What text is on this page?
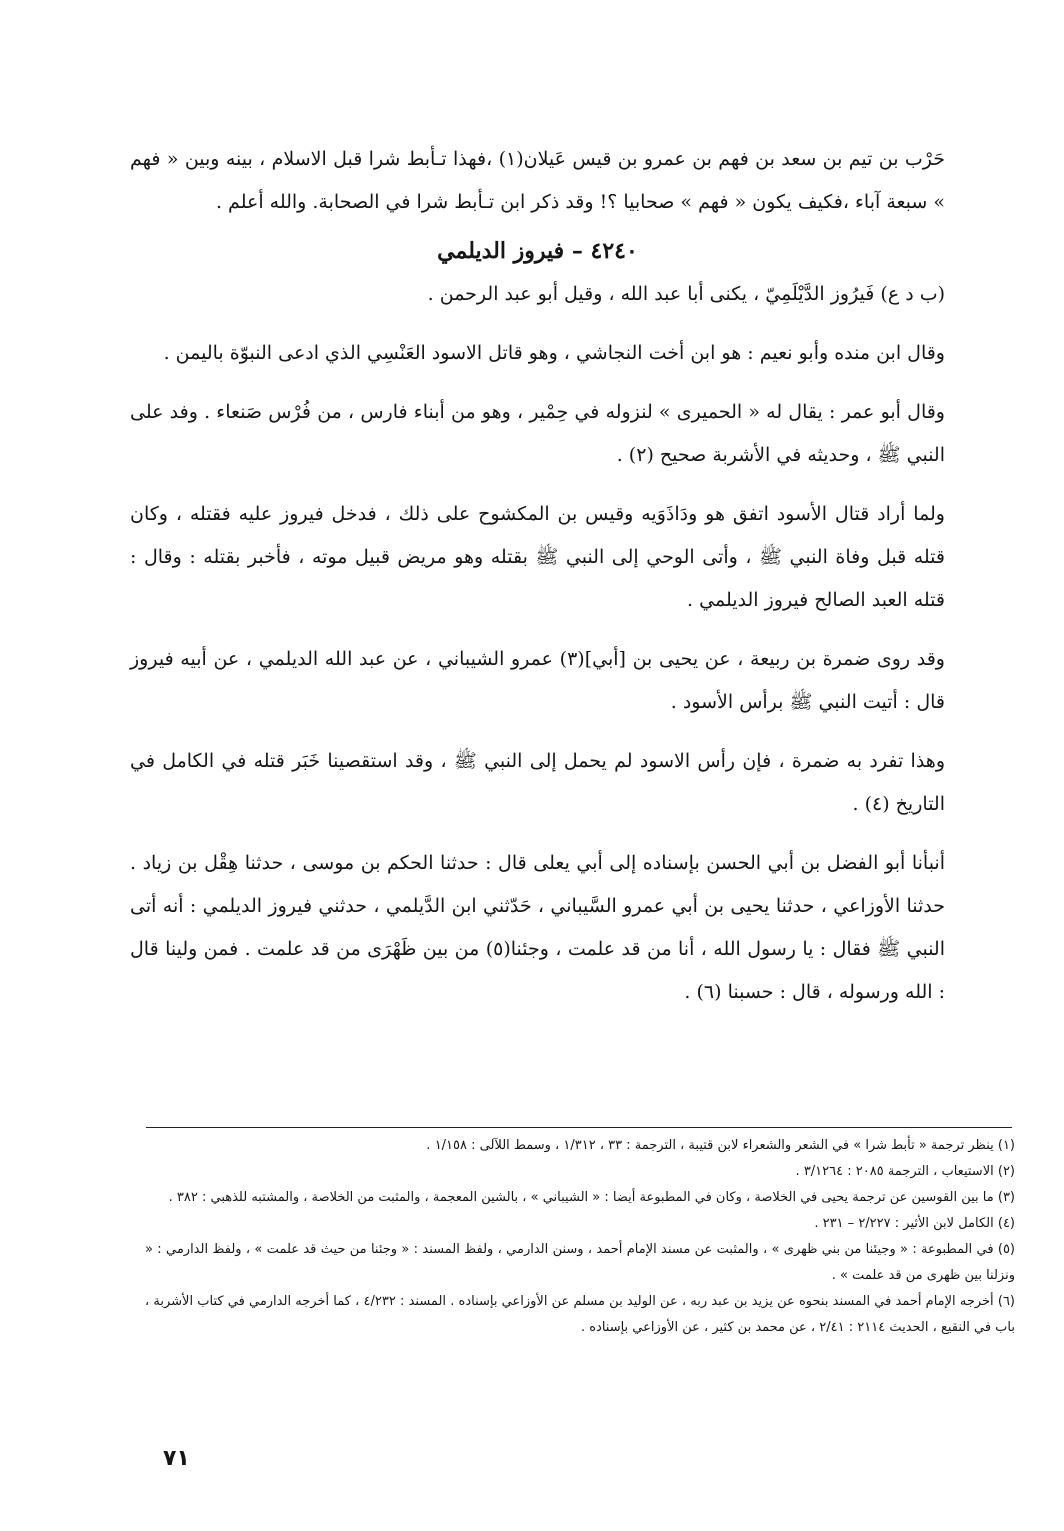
حَرْب بن تيم بن سعد بن فهم بن عمرو بن قيس عَيلان(١) ،فهذا تـأبط شرا قبل الاسلام ، بينه وبين « فهم » سبعة آباء ،فكيف يكون « فهم » صحابيا ؟! وقد ذكر ابن تـأبط شرا في الصحابة. والله أعلم .

٤٢٤٠ – فيروز الديلمي

(ب د ع) فَيرُوز الدَّيْلَمِيّ ، يكنى أبا عبد الله ، وقيل أبو عبد الرحمن .

وقال ابن منده وأبو نعيم : هو ابن أخت النجاشي ، وهو قاتل الاسود العَنْسِي الذي ادعى النبوّة باليمن .

وقال أبو عمر : يقال له « الحميرى » لنزوله في حِمْير ، وهو من أبناء فارس ، من فُرْس صَنعاء . وفد على النبي ﷺ ، وحديثه في الأشربة صحيح (٢) .

ولما أراد قتال الأسود اتفق هو ودَاذَوَيه وقيس بن المكشوح على ذلك ، فدخل فيروز عليه فقتله ، وكان قتله قبل وفاة النبي ﷺ ، وأتى الوحي إلى النبي ﷺ بقتله وهو مريض قبيل موته ، فأخبر بقتله : وقال : قتله العبد الصالح فيروز الديلمي .

وقد روى ضمرة بن ربيعة ، عن يحيى بن [أبي](٣) عمرو الشيباني ، عن عبد الله الديلمي ، عن أبيه فيروز قال : أتيت النبي ﷺ برأس الأسود .

وهذا تفرد به ضمرة ، فإن رأس الاسود لم يحمل إلى النبي ﷺ ، وقد استقصينا خَبَر قتله في الكامل في التاريخ (٤) .

أنبأنا أبو الفضل بن أبي الحسن بإسناده إلى أبي يعلى قال : حدثنا الحكم بن موسى ، حدثنا هِقْل بن زياد . حدثنا الأوزاعي ، حدثنا يحيى بن أبي عمرو السَّيباني ، حَدّثني ابن الدَّيلمي ، حدثني فيروز الديلمي : أنه أتى النبي ﷺ فقال : يا رسول الله ، أنا من قد علمت ، وجئنا(٥) من بين ظَهْرَى من قد علمت . فمن ولينا قال : الله ورسوله ، قال : حسبنا (٦) .

(١) ينظر ترجمة « تأبط شرا » في الشعر والشعراء لابن قتيبة ، الترجمة : ٣٣ ، ١/٣١٢ ، وسمط اللآلى : ١/١٥٨ .

(٢) الاستيعاب ، الترجمة ٢٠٨٥ : ٣/١٢٦٤ .

(٣) ما بين القوسين عن ترجمة يحيى في الخلاصة ، وكان في المطبوعة أيضا : « الشيباني » ، بالشين المعجمة ، والمثبت من الخلاصة ، والمشتبه للذهبي : ٣٨٢ .

(٤) الكامل لابن الأثير : ٢/٢٢٧ – ٢٣١ .

(٥) في المطبوعة : « وجيئنا من بني ظهرى » ، والمثبت عن مسند الإمام أحمد ، وسنن الدارمي ، ولفظ المسند : « وجئنا من حيث قد علمت » ، ولفظ الدارمي : « ونزلنا بين ظهرى من قد علمت » .

(٦) أخرجه الإمام أحمد في المسند بنحوه عن يزيد بن عبد ربه ، عن الوليد بن مسلم عن الأوزاعي بإسناده . المسند : ٤/٢٣٢ ، كما أخرجه الدارمي في كتاب الأشربة ، باب في النقيع ، الحديث ٢١١٤ : ٢/٤١ ، عن محمد بن كثير ، عن الأوزاعي بإسناده .

٧١
